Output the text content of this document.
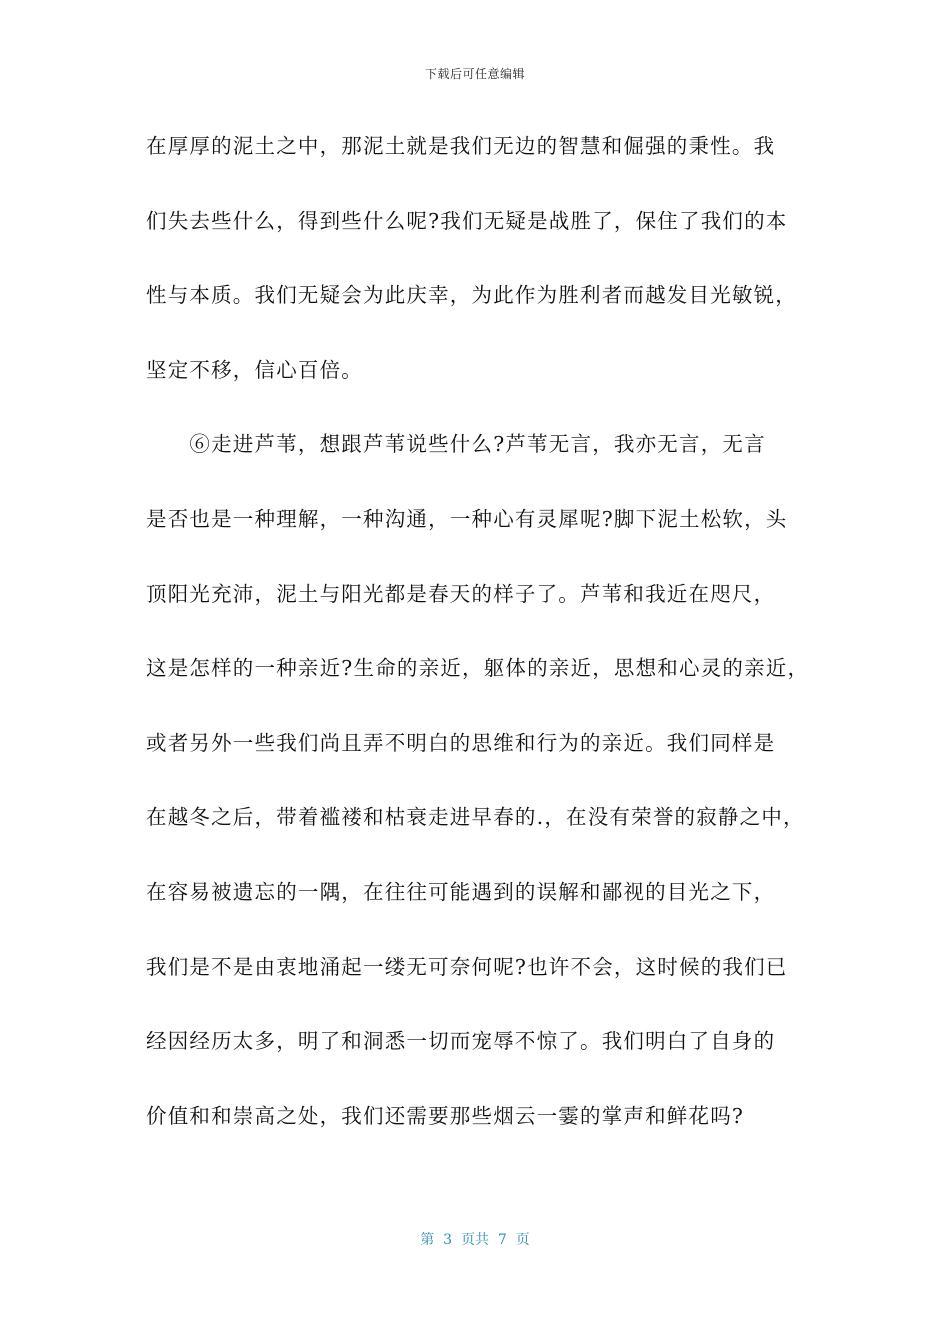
下载后可任意编辑
在厚厚的泥土之中，那泥土就是我们无边的智慧和倔强的秉性。我
们失去些什么，得到些什么呢?我们无疑是战胜了，保住了我们的本
性与本质。我们无疑会为此庆幸，为此作为胜利者而越发目光敏锐，
坚定不移，信心百倍。
　　⑥走进芦苇，想跟芦苇说些什么?芦苇无言，我亦无言，无言
是否也是一种理解，一种沟通，一种心有灵犀呢?脚下泥土松软，头
顶阳光充沛，泥土与阳光都是春天的样子了。芦苇和我近在咫尺，
这是怎样的一种亲近?生命的亲近，躯体的亲近，思想和心灵的亲近，
或者另外一些我们尚且弄不明白的思维和行为的亲近。我们同样是
在越冬之后，带着褴褛和枯衰走进早春的.，在没有荣誉的寂静之中，
在容易被遗忘的一隅，在往往可能遇到的误解和鄙视的目光之下，
我们是不是由衷地涌起一缕无可奈何呢?也许不会，这时候的我们已
经因经历太多，明了和洞悉一切而宠辱不惊了。我们明白了自身的
价值和和崇高之处，我们还需要那些烟云一霎的掌声和鲜花吗?
第  3  页共  7  页
